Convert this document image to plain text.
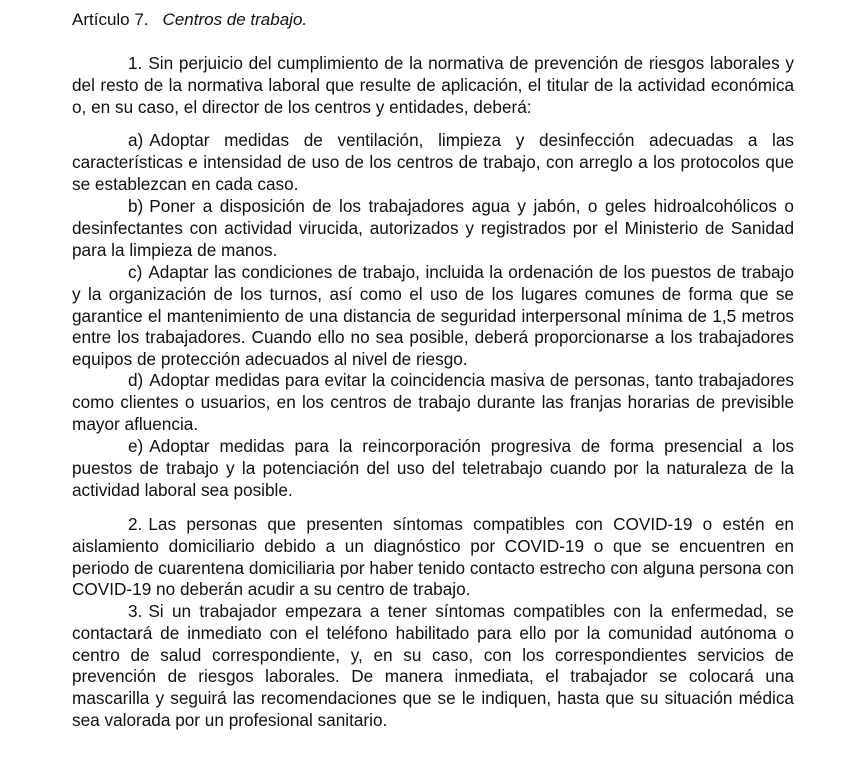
Artículo 7. Centros de trabajo.

1. Sin perjuicio del cumplimiento de la normativa de prevención de riesgos laborales y del resto de la normativa laboral que resulte de aplicación, el titular de la actividad económica o, en su caso, el director de los centros y entidades, deberá:

a) Adoptar medidas de ventilación, limpieza y desinfección adecuadas a las características e intensidad de uso de los centros de trabajo, con arreglo a los protocolos que se establezcan en cada caso.

b) Poner a disposición de los trabajadores agua y jabón, o geles hidroalcohólicos o desinfectantes con actividad virucida, autorizados y registrados por el Ministerio de Sanidad para la limpieza de manos.

c) Adaptar las condiciones de trabajo, incluida la ordenación de los puestos de trabajo y la organización de los turnos, así como el uso de los lugares comunes de forma que se garantice el mantenimiento de una distancia de seguridad interpersonal mínima de 1,5 metros entre los trabajadores. Cuando ello no sea posible, deberá proporcionarse a los trabajadores equipos de protección adecuados al nivel de riesgo.

d) Adoptar medidas para evitar la coincidencia masiva de personas, tanto trabajadores como clientes o usuarios, en los centros de trabajo durante las franjas horarias de previsible mayor afluencia.

e) Adoptar medidas para la reincorporación progresiva de forma presencial a los puestos de trabajo y la potenciación del uso del teletrabajo cuando por la naturaleza de la actividad laboral sea posible.

2. Las personas que presenten síntomas compatibles con COVID-19 o estén en aislamiento domiciliario debido a un diagnóstico por COVID-19 o que se encuentren en periodo de cuarentena domiciliaria por haber tenido contacto estrecho con alguna persona con COVID-19 no deberán acudir a su centro de trabajo.

3. Si un trabajador empezara a tener síntomas compatibles con la enfermedad, se contactará de inmediato con el teléfono habilitado para ello por la comunidad autónoma o centro de salud correspondiente, y, en su caso, con los correspondientes servicios de prevención de riesgos laborales. De manera inmediata, el trabajador se colocará una mascarilla y seguirá las recomendaciones que se le indiquen, hasta que su situación médica sea valorada por un profesional sanitario.
